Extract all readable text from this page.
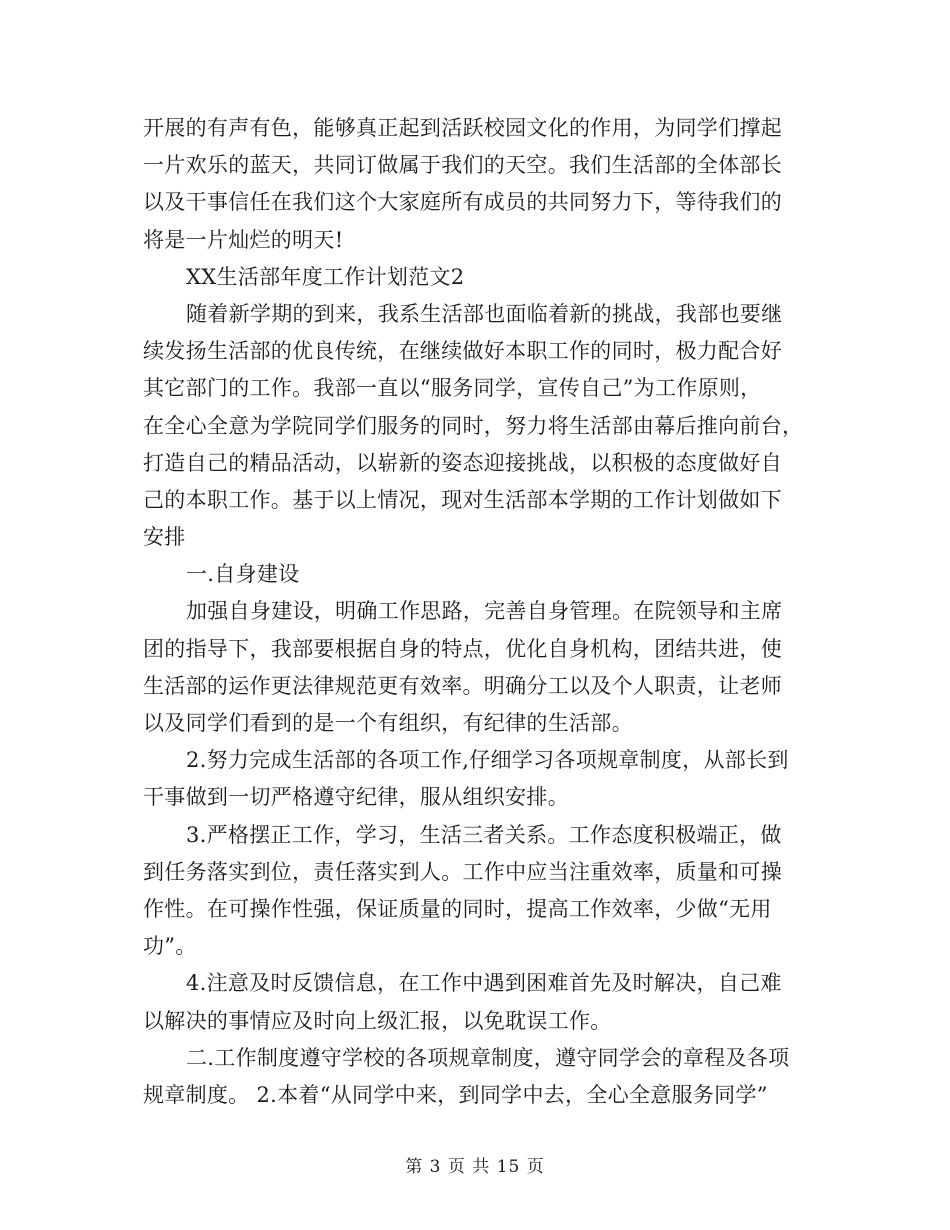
开展的有声有色，能够真正起到活跃校园文化的作用，为同学们撑起
一片欢乐的蓝天，共同订做属于我们的天空。我们生活部的全体部长
以及干事信任在我们这个大家庭所有成员的共同努力下，等待我们的
将是一片灿烂的明天!
XX生活部年度工作计划范文2
随着新学期的到来，我系生活部也面临着新的挑战，我部也要继
续发扬生活部的优良传统，在继续做好本职工作的同时，极力配合好
其它部门的工作。我部一直以“服务同学，宣传自己”为工作原则，
在全心全意为学院同学们服务的同时，努力将生活部由幕后推向前台，
打造自己的精品活动，以崭新的姿态迎接挑战，以积极的态度做好自
己的本职工作。基于以上情况，现对生活部本学期的工作计划做如下
安排
一.自身建设
加强自身建设，明确工作思路，完善自身管理。在院领导和主席
团的指导下，我部要根据自身的特点，优化自身机构，团结共进，使
生活部的运作更法律规范更有效率。明确分工以及个人职责，让老师
以及同学们看到的是一个有组织，有纪律的生活部。
2.努力完成生活部的各项工作,仔细学习各项规章制度，从部长到
干事做到一切严格遵守纪律，服从组织安排。
3.严格摆正工作，学习，生活三者关系。工作态度积极端正，做
到任务落实到位，责任落实到人。工作中应当注重效率，质量和可操
作性。在可操作性强，保证质量的同时，提高工作效率，少做“无用
功”。
4.注意及时反馈信息，在工作中遇到困难首先及时解决，自己难
以解决的事情应及时向上级汇报，以免耽误工作。
二.工作制度遵守学校的各项规章制度，遵守同学会的章程及各项
规章制度。 2.本着“从同学中来，到同学中去，全心全意服务同学”
第 3 页 共 15 页
